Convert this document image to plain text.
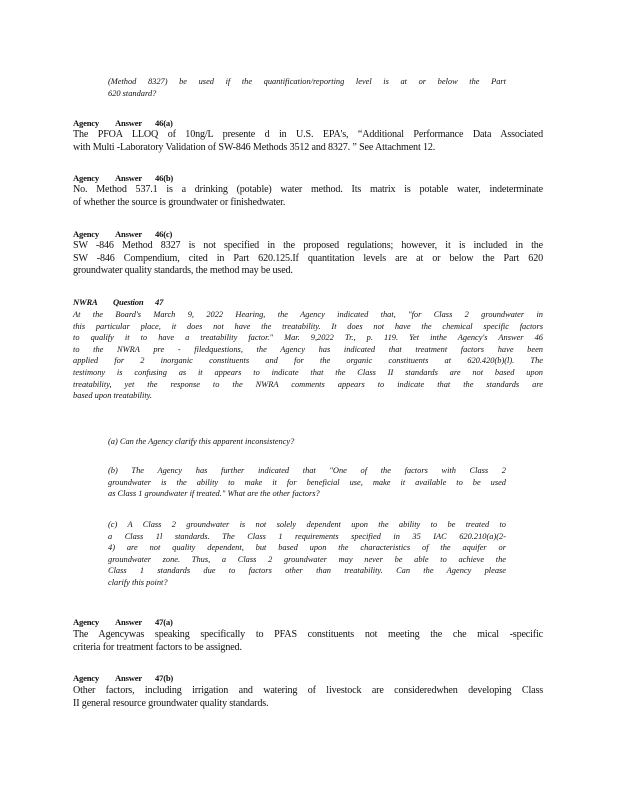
(Method 8327) be used if the quantification/reporting level is at or below the Part
620 standard?
Agency Answer 46(a)
The PFOA LLOQ of 10ng/L presente d in U.S. EPA's, “Additional Performance Data Associated
with Multi -Laboratory Validation of SW-846 Methods 3512 and 8327. ” See Attachment 12.
Agency Answer 46(b)
No. Method 537.1 is a drinking (potable) water method. Its matrix is potable water, indeterminate
of whether the source is groundwater or finishedwater.
Agency Answer 46(c)
SW -846 Method 8327 is not specified in the proposed regulations; however, it is included in the
SW -846 Compendium, cited in Part 620.125.If quantitation levels are at or below the Part 620
groundwater quality standards, the method may be used.
NWRA Question 47
At the Board's March 9, 2022 Hearing, the Agency indicated that, "for Class 2 groundwater in
this particular place, it does not have the treatability. It does not have the chemical specific factors
to qualify it to have a treatability factor." Mar. 9,2022 Tr., p. 119. Yet inthe Agency's Answer 46
to the NWRA pre - filedquestions, the Agency has indicated that treatment factors have been
applied for 2 inorganic constituents and for the organic constituents at 620.420(b)(l). The
testimony is confusing as it appears to indicate that the Class II standards are not based upon
treatability, yet the response to the NWRA comments appears to indicate that the standards are
based upon treatability.
(a) Can the Agency clarify this apparent inconsistency?
(b) The Agency has further indicated that "One of the factors with Class 2
groundwater is the ability to make it for beneficial use, make it available to be used
as Class 1 groundwater if treated." What are the other factors?
(c) A Class 2 groundwater is not solely dependent upon the ability to be treated to
a Class 1l standards. The Class 1 requirements specified in 35 IAC 620.210(a)(2-
4) are not quality dependent, but based upon the characteristics of the aquifer or
groundwater zone. Thus, a Class 2 groundwater may never be able to achieve the
Class 1 standards due to factors other than treatability. Can the Agency please
clarify this point?
Agency Answer 47(a)
The Agencywas speaking specifically to PFAS constituents not meeting the che mical -specific
criteria for treatment factors to be assigned.
Agency Answer 47(b)
Other factors, including irrigation and watering of livestock are consideredwhen developing Class
II general resource groundwater quality standards.
